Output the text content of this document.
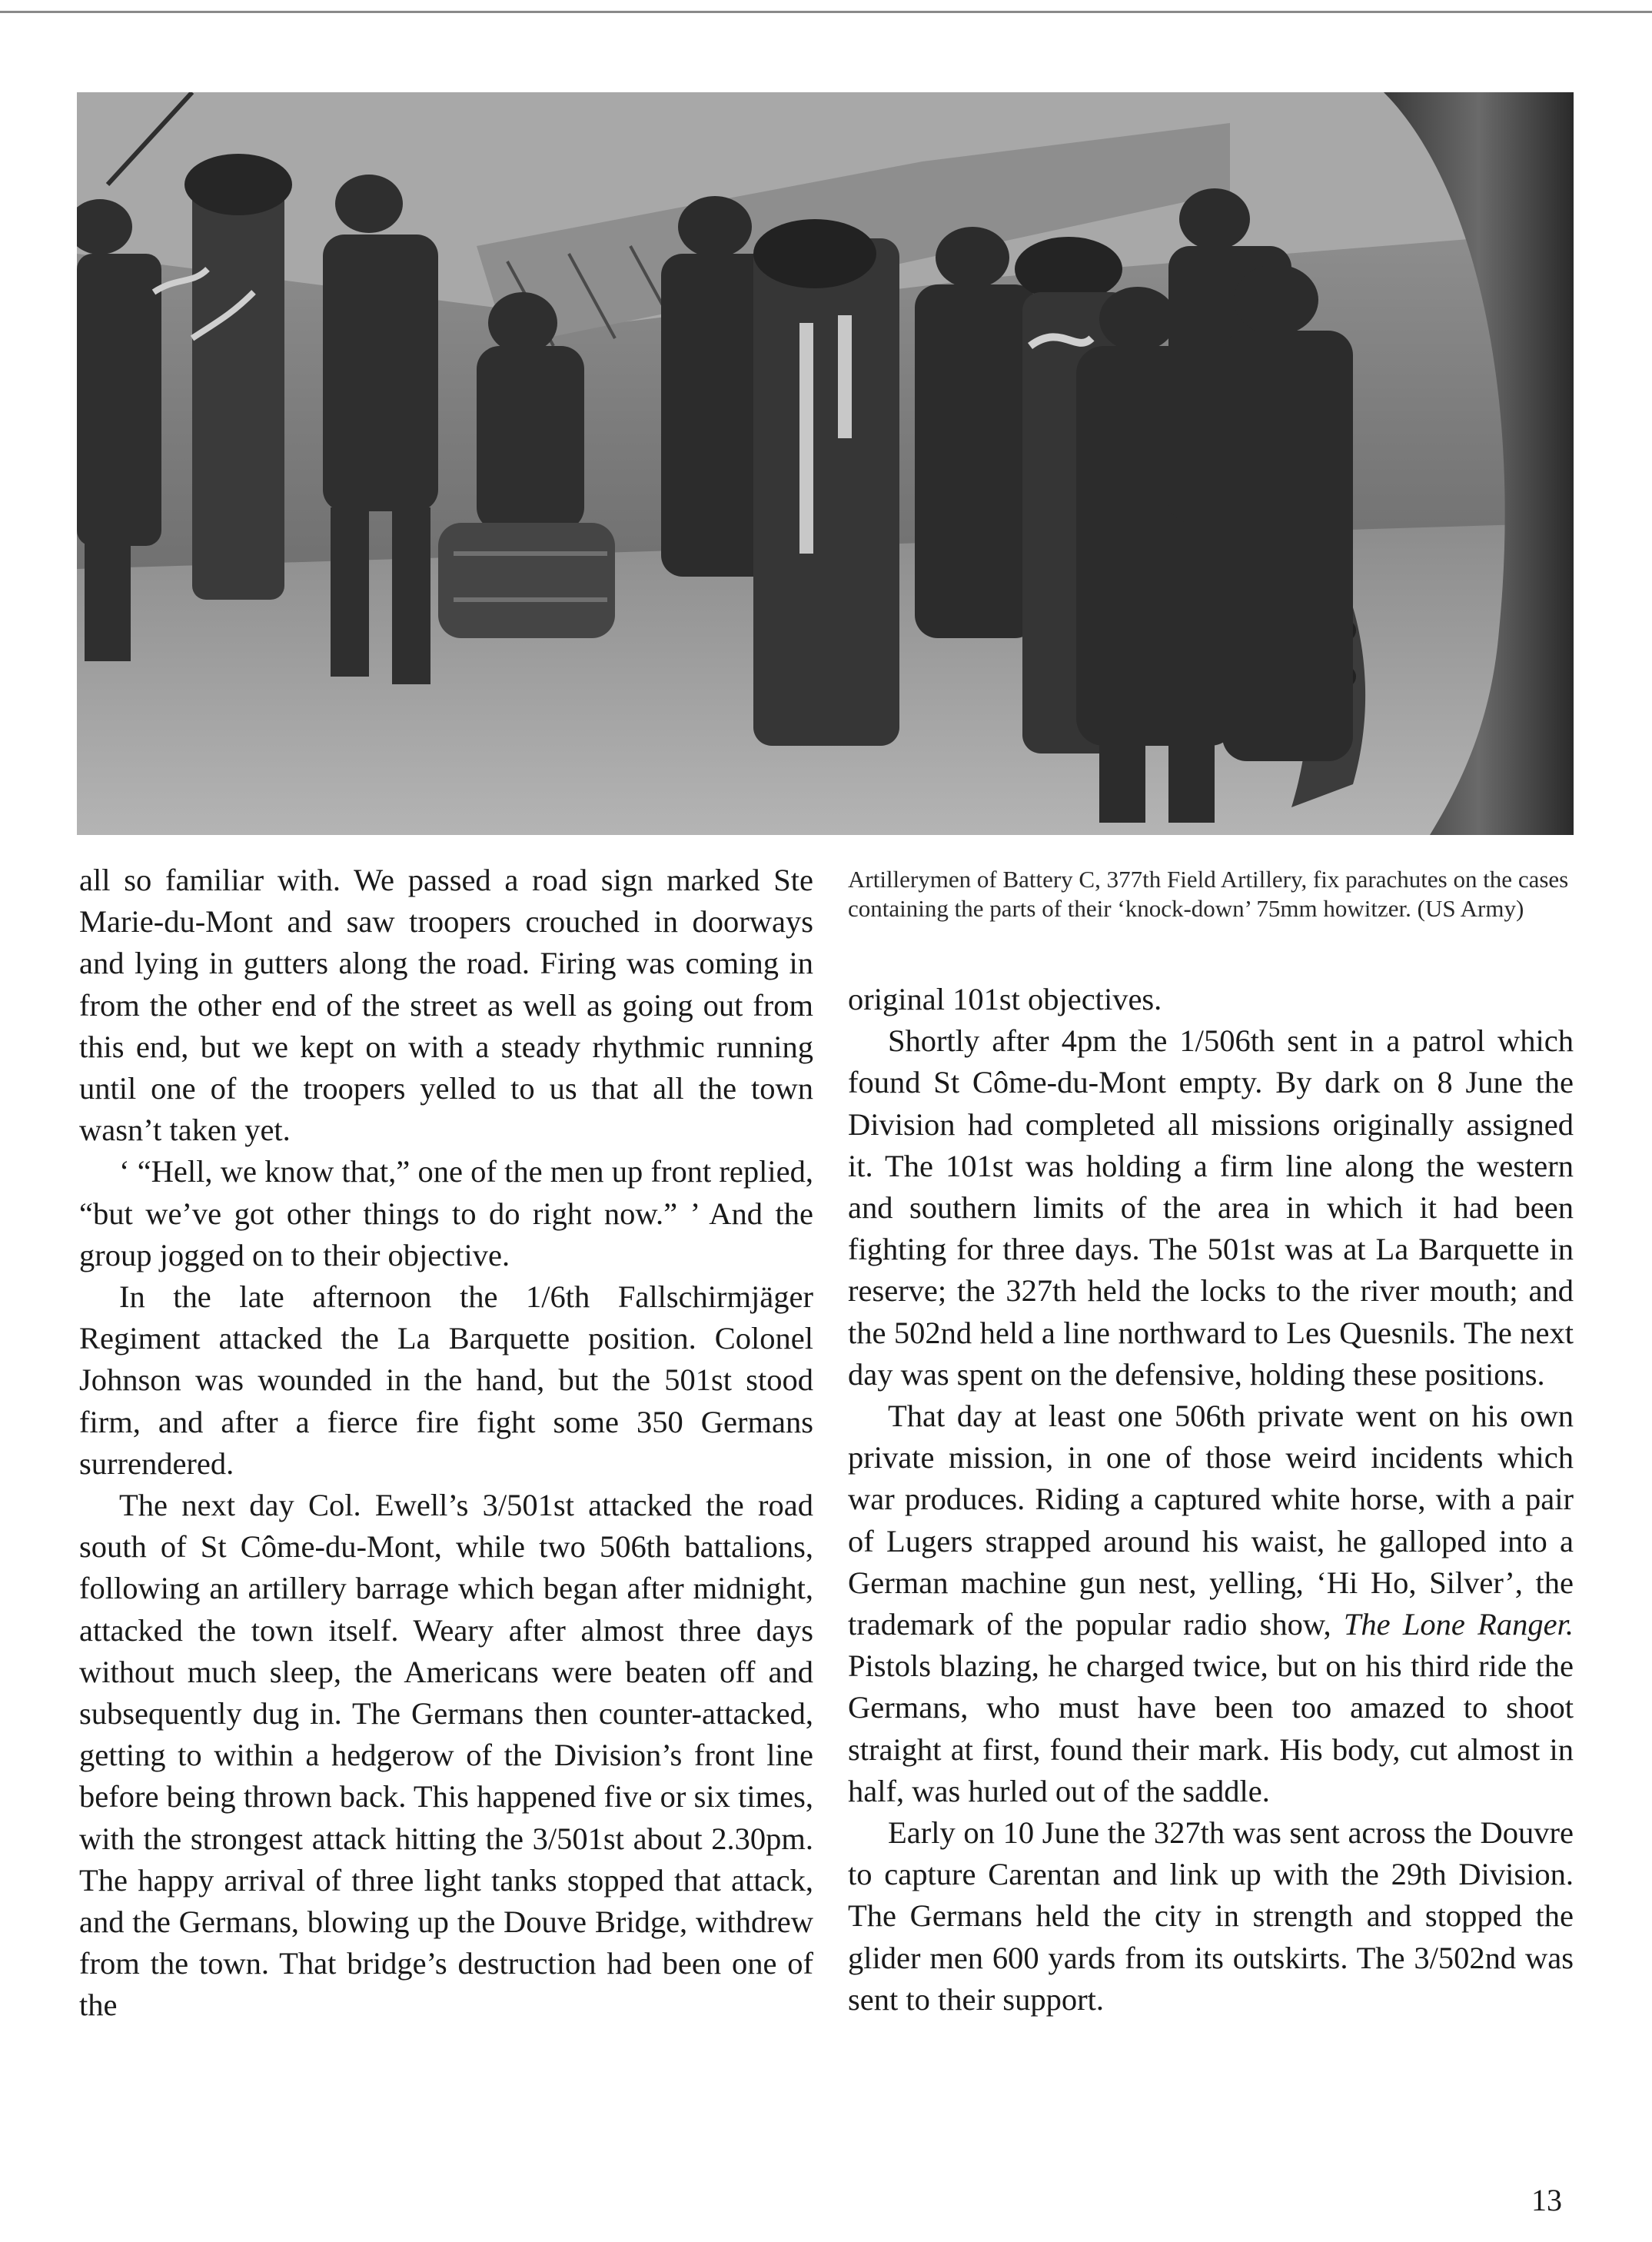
Artillerymen of Battery C, 377th Field Artillery, fix parachutes on the cases containing the parts of their ‘knock-down’ 75mm howitzer. (US Army)

all so familiar with. We passed a road sign marked Ste Marie-du-Mont and saw troopers crouched in doorways and lying in gutters along the road. Firing was coming in from the other end of the street as well as going out from this end, but we kept on with a steady rhythmic running until one of the troopers yelled to us that all the town wasn’t taken yet.

‘ “Hell, we know that,” one of the men up front replied, “but we’ve got other things to do right now.” ’ And the group jogged on to their objective.

In the late afternoon the 1/6th Fallschirmjäger Regiment attacked the La Barquette position. Colonel Johnson was wounded in the hand, but the 501st stood firm, and after a fierce fire fight some 350 Germans surrendered.

The next day Col. Ewell’s 3/501st attacked the road south of St Côme-du-Mont, while two 506th battalions, following an artillery barrage which began after midnight, attacked the town itself. Weary after almost three days without much sleep, the Americans were beaten off and subsequently dug in. The Germans then counter-attacked, getting to within a hedgerow of the Division’s front line before being thrown back. This happened five or six times, with the strongest attack hitting the 3/501st about 2.30pm. The happy arrival of three light tanks stopped that attack, and the Germans, blowing up the Douve Bridge, withdrew from the town. That bridge’s destruction had been one of the

original 101st objectives.

Shortly after 4pm the 1/506th sent in a patrol which found St Côme-du-Mont empty. By dark on 8 June the Division had completed all missions originally assigned it. The 101st was holding a firm line along the western and southern limits of the area in which it had been fighting for three days. The 501st was at La Barquette in reserve; the 327th held the locks to the river mouth; and the 502nd held a line northward to Les Quesnils. The next day was spent on the defensive, holding these positions.

That day at least one 506th private went on his own private mission, in one of those weird incidents which war produces. Riding a captured white horse, with a pair of Lugers strapped around his waist, he galloped into a German machine gun nest, yelling, ‘Hi Ho, Silver’, the trademark of the popular radio show, The Lone Ranger. Pistols blazing, he charged twice, but on his third ride the Germans, who must have been too amazed to shoot straight at first, found their mark. His body, cut almost in half, was hurled out of the saddle.

Early on 10 June the 327th was sent across the Douvre to capture Carentan and link up with the 29th Division. The Germans held the city in strength and stopped the glider men 600 yards from its outskirts. The 3/502nd was sent to their support.

13
